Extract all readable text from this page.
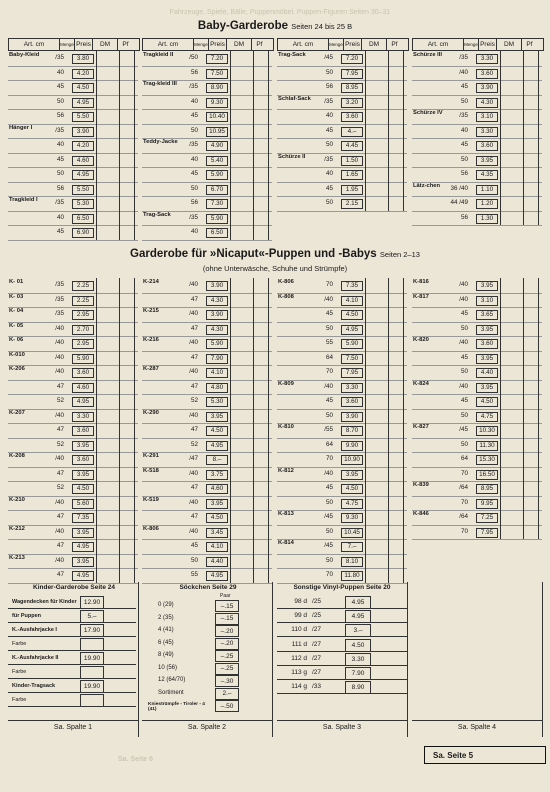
Fahrzeuge, Spiele, Bälle, Puppenmöbel, Puppen-Figuren Seiten 30–31
Baby-Garderobe Seiten 24 bis 25 B
Art. cm	Menge Preis	DM	Pf	Art. cm	Menge Preis	DM	Pf	Art. cm	Menge Preis	DM	Pf	Art. cm	Menge Preis	DM	Pf
Baby-Kleid	/35	3.80
40	4.20
45	4.50
50	4.95
56	5.50
Hänger I	/35	3.90
40	4.20
45	4.60
50	4.95
56	5.50
Tragkleid I	/35	5.30
40	6.50
45	6.90
Tragkleid II	/50	7.20
56	7.50
Trag-kleid III	/35	8.90
40	9.30
45	10.40
50	10.95
Teddy-Jacke	/35	4.90
40	5.40
45	5.90
50	6.70
56	7.30
Trag-Sack	/35	5.90
40	6.50
Trag-Sack	/45	7.20
50	7.95
56	8.95
Schlaf-Sack	/35	3.20
40	3.60
45	4.–
50	4.45
Schürze II	/35	1.50
40	1.65
45	1.95
50	2.15
Schürze III	/35	3.30
/40	3.60
45	3.90
50	4.30
Schürze IV	/35	3.10
40	3.30
45	3.60
50	3.95
56	4.35
Lätz-chen	36 /40	1.10
44 /49	1.20
56	1.30
Garderobe für »Nicaput«-Puppen und -Babys Seiten 2–13
(ohne Unterwäsche, Schuhe und Strümpfe)
K- 01	/35	2.25
K- 03	/35	2.25
K- 04	/35	2.95
K- 05	/40	2.70
K- 06	/40	2.95
K-010	/40	5.90
K-206	/40	3.60
47	4.60
52	4.95
K-207	/40	3.30
47	3.60
52	3.95
K-208	/40	3.60
47	3.95
52	4.50
K-210	/40	5.60
47	7.35
K-212	/40	3.95
47	4.95
K-213	/40	3.95
47	4.95
K-214	/40	3.90
47	4.30
K-215	/40	3.90
47	4.30
K-216	/40	5.90
47	7.90
K-287	/40	4.10
47	4.80
52	5.30
K-290	/40	3.95
47	4.50
52	4.95
K-291	/47	8.–
K-518	/40	3.75
47	4.60
K-519	/40	3.95
47	4.50
K-806	/40	3.45
45	4.10
50	4.40
55	4.95
K-806	70	7.35
K-808	/40	4.10
45	4.50
50	4.95
55	5.90
64	7.50
70	7.95
K-809	/40	3.30
45	3.60
50	3.90
K-810	/55	8.70
64	9.90
70	10.90
K-812	/40	3.95
45	4.50
50	4.75
K-813	/45	9.30
50	10.45
K-814	/45	7.–
50	8.10
70	11.80
K-816	/40	3.95
K-817	/40	3.10
45	3.65
50	3.95
K-820	/40	3.60
45	3.95
50	4.40
K-824	/40	3.95
45	4.50
50	4.75
K-827	/45	10.30
50	11.30
64	15.30
70	16.50
K-839	/64	8.95
70	9.95
K-846	/64	7.25
70	7.95
Kinder-Garderobe Seite 24
Wagendecken für Kinder	12.90
für Puppen	5.–
K.-Ausfahrjacke I	17.90
Farbe
K.-Ausfahrjacke II	19.90
Farbe
Kinder-Tragsack	19.90
Farbe
Söckchen Seite 29
Paar
0 (29)	–.15
2 (35)	–.15
4 (41)	–.20
6 (45)	–.20
8 (49)	–.25
10 (56)	–.25
12 (64/70)	–.30
Sortiment	2.–
Kniestrümpfe - Tiroler - 4 (41)	–.50
Sonstige Vinyl-Puppen Seite 20
98 d /25	4.95
99 d /25	4.95
110 d /27	3.–
111 d /27	4.50
112 d /27	3.30
113 g /27	7.90
114 g /33	8.90
Sa. Spalte 1	Sa. Spalte 2	Sa. Spalte 3	Sa. Spalte 4
Sa. Seite 5
Sa. Seite 6
